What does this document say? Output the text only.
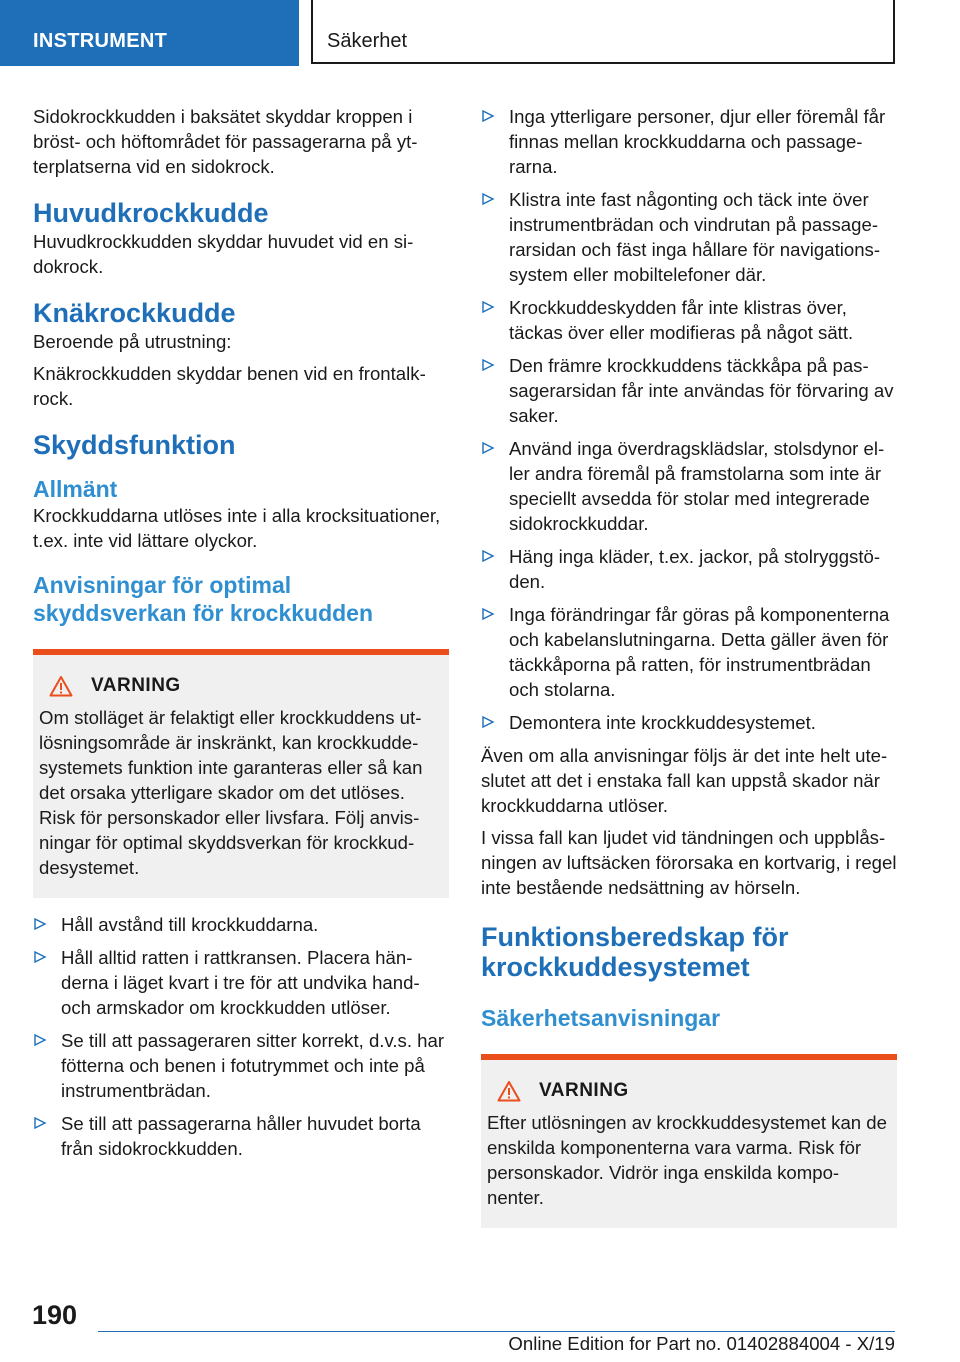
INSTRUMENT	Säkerhet

Sidokrockkudden i baksätet skyddar kroppen i bröst- och höftområdet för passagerarna på ytterplatserna vid en sidokrock.

Huvudkrockkudde

Huvudkrockkudden skyddar huvudet vid en sidokrock.

Knäkrockkudde

Beroende på utrustning:

Knäkrockkudden skyddar benen vid en frontalkrock.

Skyddsfunktion
Allmänt

Krockkuddarna utlöses inte i alla krocksituationer, t.ex. inte vid lättare olyckor.

Anvisningar för optimal skyddsverkan för krockkudden
VARNING

Om stolläget är felaktigt eller krockkuddens utlösningsområde är inskränkt, kan krockkuddesystemets funktion inte garanteras eller så kan det orsaka ytterligare skador om det utlöses. Risk för personskador eller livsfara. Följ anvisningar för optimal skyddsverkan för krockkuddesystemet.

Håll avstånd till krockkuddarna.
Håll alltid ratten i rattkransen. Placera händerna i läget kvart i tre för att undvika hand- och armskador om krockkudden utlöser.
Se till att passageraren sitter korrekt, d.v.s. har fötterna och benen i fotutrymmet och inte på instrumentbrädan.
Se till att passagerarna håller huvudet borta från sidokrockkudden.
Inga ytterligare personer, djur eller föremål får finnas mellan krockkuddarna och passagerarna.
Klistra inte fast någonting och täck inte över instrumentbrädan och vindrutan på passagerarsidan och fäst inga hållare för navigationssystem eller mobiltelefoner där.
Krockkuddeskydden får inte klistras över, täckas över eller modifieras på något sätt.
Den främre krockkuddens täckkåpa på passagerarsidan får inte användas för förvaring av saker.
Använd inga överdragsklädslar, stolsdynor eller andra föremål på framstolarna som inte är speciellt avsedda för stolar med integrerade sidokrockkuddar.
Häng inga kläder, t.ex. jackor, på stolryggstöden.
Inga förändringar får göras på komponenterna och kabelanslutningarna. Detta gäller även för täckkåporna på ratten, för instrumentbrädan och stolarna.
Demontera inte krockkuddesystemet.

Även om alla anvisningar följs är det inte helt uteslutet att det i enstaka fall kan uppstå skador när krockkuddarna utlöser.

I vissa fall kan ljudet vid tändningen och uppblåsningen av luftsäcken förorsaka en kortvarig, i regel inte bestående nedsättning av hörseln.

Funktionsberedskap för krockkuddesystemet
Säkerhetsanvisningar
VARNING

Efter utlösningen av krockkuddesystemet kan de enskilda komponenterna vara varma. Risk för personskador. Vidrör inga enskilda komponenter.

190
Online Edition for Part no. 01402884004 - X/19
